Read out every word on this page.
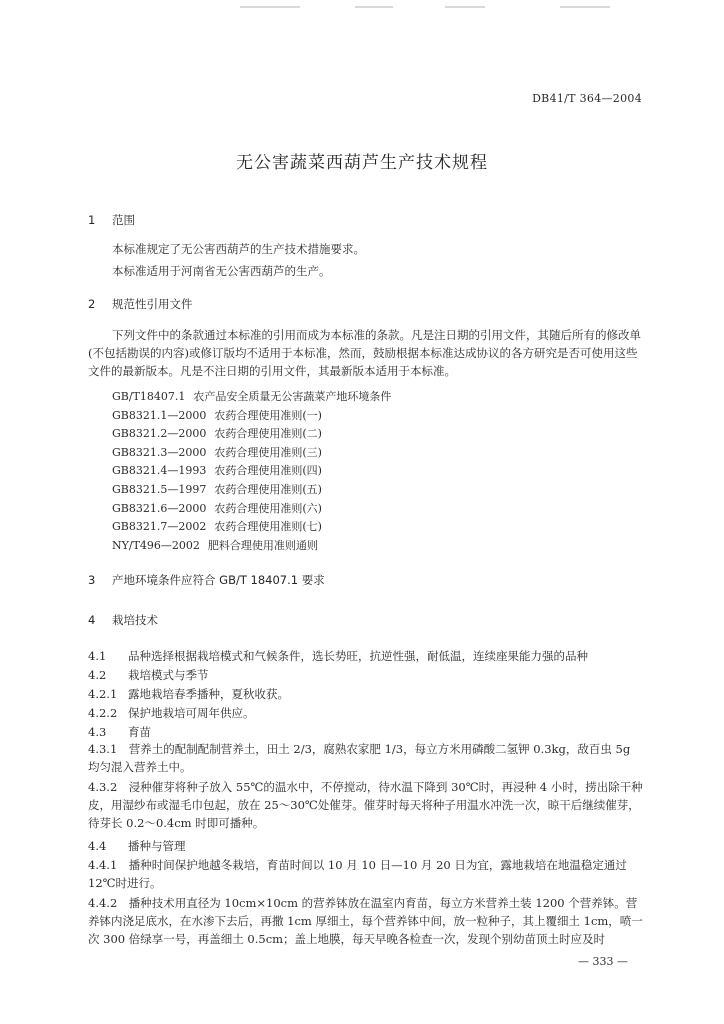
DB41/T 364—2004
无公害蔬菜西葫芦生产技术规程
1 范围
本标准规定了无公害西葫芦的生产技术措施要求。
本标准适用于河南省无公害西葫芦的生产。
2 规范性引用文件
下列文件中的条款通过本标准的引用而成为本标准的条款。凡是注日期的引用文件，其随后所有的修改单(不包括勘误的内容)或修订版均不适用于本标准，然而，鼓励根据本标准达成协议的各方研究是否可使用这些文件的最新版本。凡是不注日期的引用文件，其最新版本适用于本标准。
GB/T18407.1 农产品安全质量无公害蔬菜产地环境条件
GB8321.1—2000 农药合理使用准则(一)
GB8321.2—2000 农药合理使用准则(二)
GB8321.3—2000 农药合理使用准则(三)
GB8321.4—1993 农药合理使用准则(四)
GB8321.5—1997 农药合理使用准则(五)
GB8321.6—2000 农药合理使用准则(六)
GB8321.7—2002 农药合理使用准则(七)
NY/T496—2002 肥料合理使用准则通则
3 产地环境条件应符合 GB/T 18407.1 要求
4 栽培技术
4.1 品种选择根据栽培模式和气候条件，选长势旺，抗逆性强，耐低温，连续座果能力强的品种
4.2 栽培模式与季节
4.2.1 露地栽培春季播种，夏秋收获。
4.2.2 保护地栽培可周年供应。
4.3 育苗
4.3.1　营养土的配制配制营养土，田土 2/3，腐熟农家肥 1/3，每立方米用磷酸二氢钾 0.3kg，敌百虫 5g 均匀混入营养土中。
4.3.2　浸种催芽将种子放入 55℃的温水中，不停搅动，待水温下降到 30℃时，再浸种 4 小时，捞出除干种皮，用湿纱布或湿毛巾包起，放在 25～30℃处催芽。催芽时每天将种子用温水冲洗一次，晾干后继续催芽，待芽长 0.2～0.4cm 时即可播种。
4.4 播种与管理
4.4.1　播种时间保护地越冬栽培，育苗时间以 10 月 10 日—10 月 20 日为宜，露地栽培在地温稳定通过 12℃时进行。
4.4.2　播种技术用直径为 10cm×10cm 的营养钵放在温室内育苗，每立方米营养土装 1200 个营养钵。营养钵内浇足底水，在水渗下去后，再撒 1cm 厚细土，每个营养钵中间，放一粒种子，其上覆细土 1cm，喷一次 300 倍绿享一号，再盖细土 0.5cm；盖上地膜，每天早晚各检查一次，发现个别幼苗顶土时应及时
— 333 —
